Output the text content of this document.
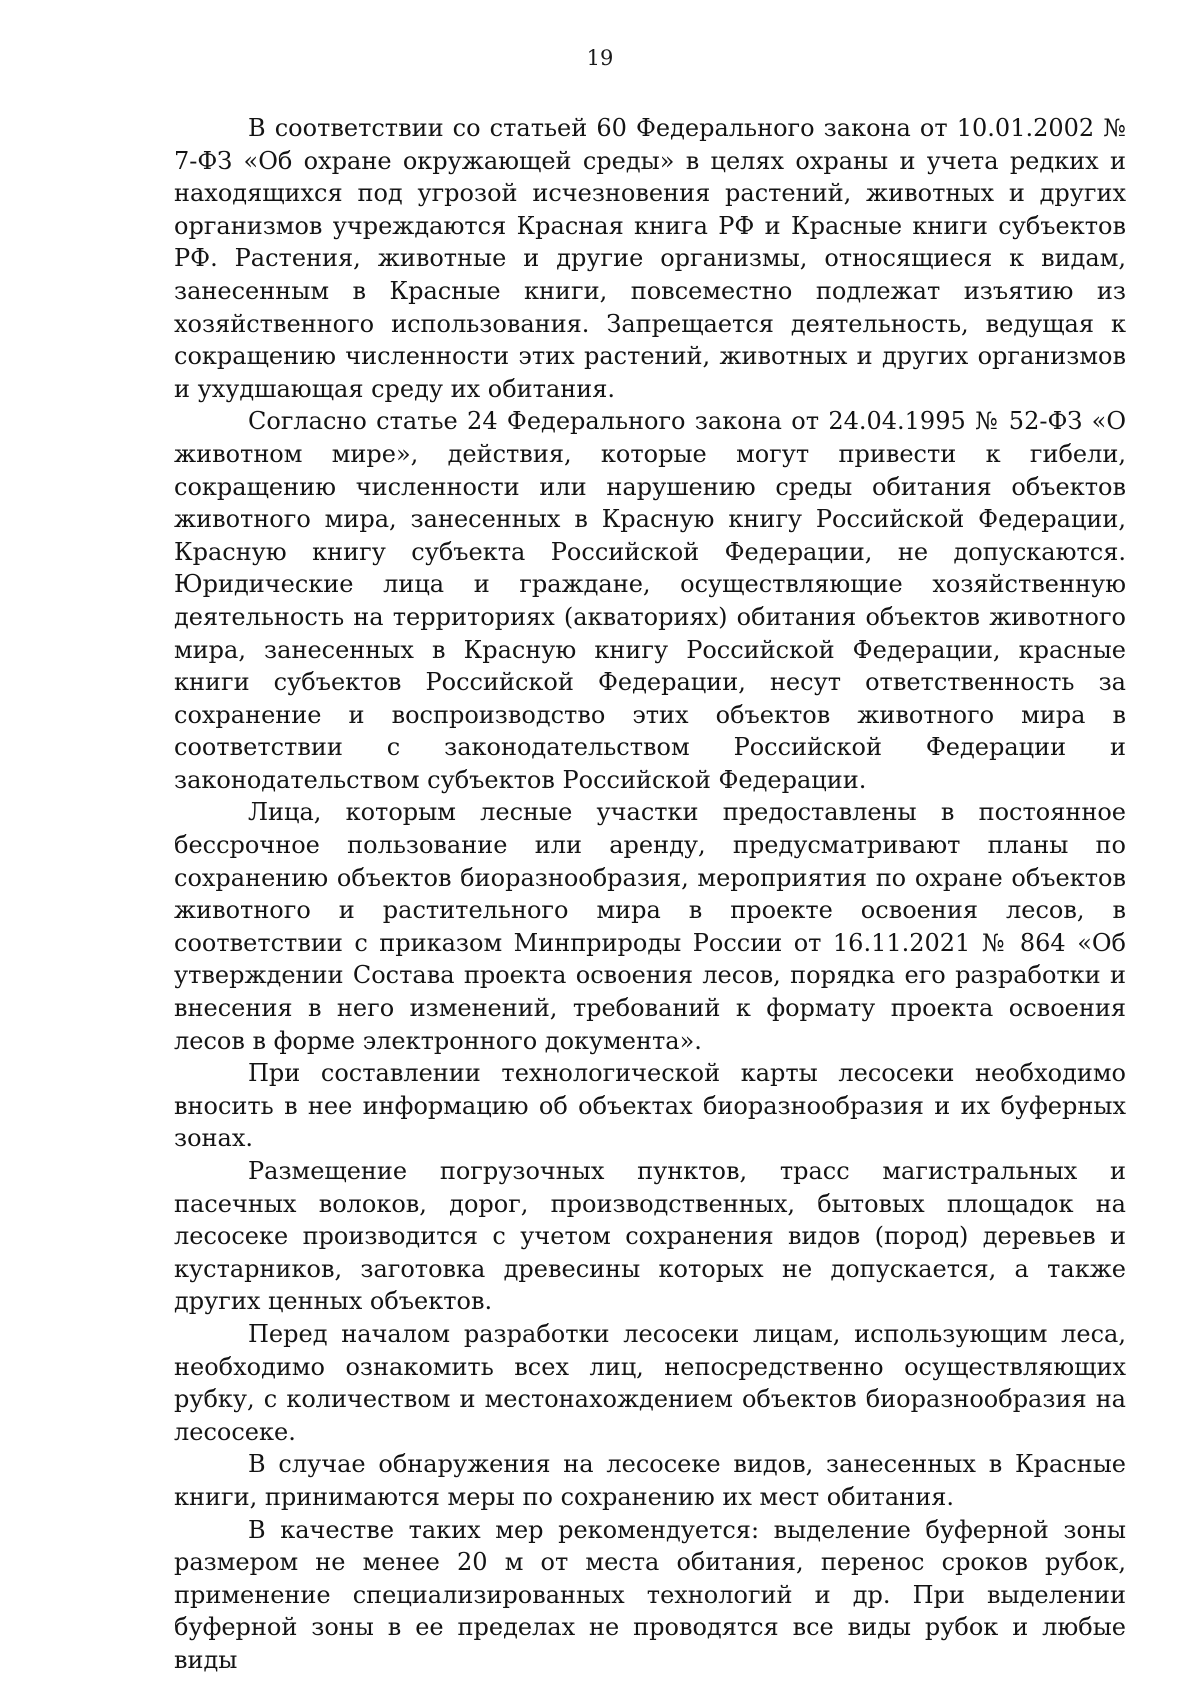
19

В соответствии со статьей 60 Федерального закона от 10.01.2002 № 7-ФЗ «Об охране окружающей среды» в целях охраны и учета редких и находящихся под угрозой исчезновения растений, животных и других организмов учреждаются Красная книга РФ и Красные книги субъектов РФ. Растения, животные и другие организмы, относящиеся к видам, занесенным в Красные книги, повсеместно подлежат изъятию из хозяйственного использования. Запрещается деятельность, ведущая к сокращению численности этих растений, животных и других организмов и ухудшающая среду их обитания.

Согласно статье 24 Федерального закона от 24.04.1995 № 52-ФЗ «О животном мире», действия, которые могут привести к гибели, сокращению численности или нарушению среды обитания объектов животного мира, занесенных в Красную книгу Российской Федерации, Красную книгу субъекта Российской Федерации, не допускаются. Юридические лица и граждане, осуществляющие хозяйственную деятельность на территориях (акваториях) обитания объектов животного мира, занесенных в Красную книгу Российской Федерации, красные книги субъектов Российской Федерации, несут ответственность за сохранение и воспроизводство этих объектов животного мира в соответствии с законодательством Российской Федерации и законодательством субъектов Российской Федерации.

Лица, которым лесные участки предоставлены в постоянное бессрочное пользование или аренду, предусматривают планы по сохранению объектов биоразнообразия, мероприятия по охране объектов животного и растительного мира в проекте освоения лесов, в соответствии с приказом Минприроды России от 16.11.2021 № 864 «Об утверждении Состава проекта освоения лесов, порядка его разработки и внесения в него изменений, требований к формату проекта освоения лесов в форме электронного документа».

При составлении технологической карты лесосеки необходимо вносить в нее информацию об объектах биоразнообразия и их буферных зонах.

Размещение погрузочных пунктов, трасс магистральных и пасечных волоков, дорог, производственных, бытовых площадок на лесосеке производится с учетом сохранения видов (пород) деревьев и кустарников, заготовка древесины которых не допускается, а также других ценных объектов.

Перед началом разработки лесосеки лицам, использующим леса, необходимо ознакомить всех лиц, непосредственно осуществляющих рубку, с количеством и местонахождением объектов биоразнообразия на лесосеке.

В случае обнаружения на лесосеке видов, занесенных в Красные книги, принимаются меры по сохранению их мест обитания.

В качестве таких мер рекомендуется: выделение буферной зоны размером не менее 20 м от места обитания, перенос сроков рубок, применение специализированных технологий и др. При выделении буферной зоны в ее пределах не проводятся все виды рубок и любые виды
